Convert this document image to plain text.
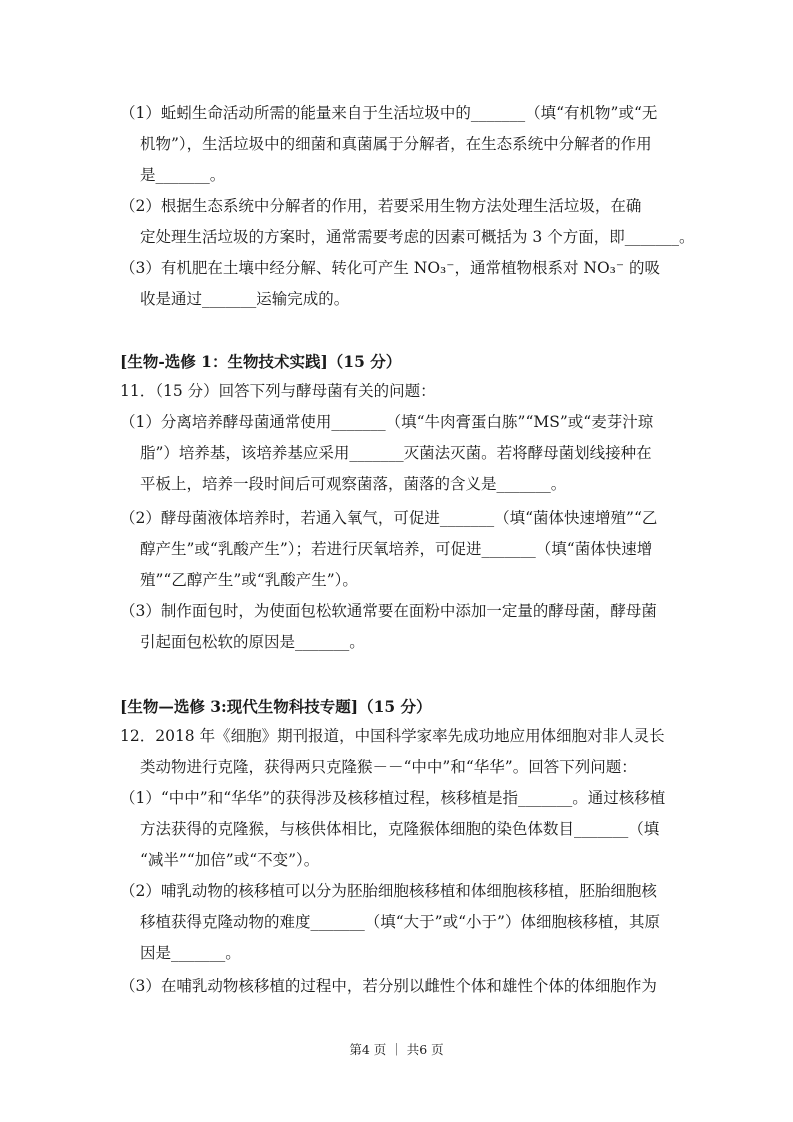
（1）蚯蚓生命活动所需的能量来自于生活垃圾中的_______（填“有机物”或“无
机物”），生活垃圾中的细菌和真菌属于分解者，在生态系统中分解者的作用
是_______。
（2）根据生态系统中分解者的作用，若要采用生物方法处理生活垃圾，在确
定处理生活垃圾的方案时，通常需要考虑的因素可概括为 3 个方面，即_______。
（3）有机肥在土壤中经分解、转化可产生 NO₃⁻，通常植物根系对 NO₃⁻ 的吸
收是通过_______运输完成的。
[生物-选修 1：生物技术实践]（15 分）
11．（15 分）回答下列与酵母菌有关的问题：
（1）分离培养酵母菌通常使用_______（填“牛肉膏蛋白胨”“MS”或“麦芽汁琼
脂”）培养基，该培养基应采用_______灭菌法灭菌。若将酵母菌划线接种在
平板上，培养一段时间后可观察菌落，菌落的含义是_______。
（2）酵母菌液体培养时，若通入氧气，可促进_______（填“菌体快速增殖”“乙
醇产生”或“乳酸产生”）；若进行厌氧培养，可促进_______（填“菌体快速增
殖”“乙醇产生”或“乳酸产生”）。
（3）制作面包时，为使面包松软通常要在面粉中添加一定量的酵母菌，酵母菌
引起面包松软的原因是_______。
[生物—选修 3:现代生物科技专题]（15 分）
12．2018 年《细胞》期刊报道，中国科学家率先成功地应用体细胞对非人灵长
类动物进行克隆，获得两只克隆猴－－“中中”和“华华”。回答下列问题：
（1）“中中”和“华华”的获得涉及核移植过程，核移植是指_______。通过核移植
方法获得的克隆猴，与核供体相比，克隆猴体细胞的染色体数目_______（填
“减半”“加倍”或“不变”）。
（2）哺乳动物的核移植可以分为胚胎细胞核移植和体细胞核移植，胚胎细胞核
移植获得克隆动物的难度_______（填“大于”或“小于”）体细胞核移植，其原
因是_______。
（3）在哺乳动物核移植的过程中，若分别以雌性个体和雄性个体的体细胞作为
第4 页 ｜ 共6 页
